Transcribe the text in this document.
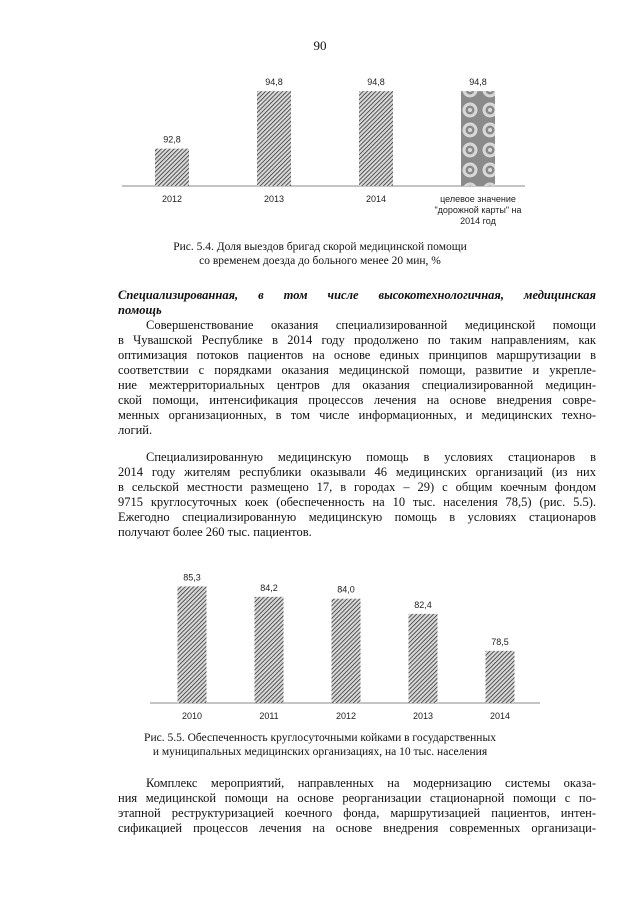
90
92,8
2012
94,8
2013
94,8
2014
94,8
целевое значение
"дорожной карты" на
2014 год
Рис. 5.4. Доля выездов бригад скорой медицинской помощи
со временем доезда до больного менее 20 мин, %
Специализированная, в том числе высокотехнологичная, медицинская
помощь
Совершенствование оказания специализированной медицинской помощи
в Чувашской Республике в 2014 году продолжено по таким направлениям, как
оптимизация потоков пациентов на основе единых принципов маршрутизации в
соответствии с порядками оказания медицинской помощи, развитие и укрепле-
ние межтерриториальных центров для оказания специализированной медицин-
ской помощи, интенсификация процессов лечения на основе внедрения совре-
менных организационных, в том числе информационных, и медицинских техно-
логий.
Специализированную медицинскую помощь в условиях стационаров в
2014 году жителям республики оказывали 46 медицинских организаций (из них
в сельской местности размещено 17, в городах – 29) с общим коечным фондом
9715 круглосуточных коек (обеспеченность на 10 тыс. населения 78,5) (рис. 5.5).
Ежегодно специализированную медицинскую помощь в условиях стационаров
получают более 260 тыс. пациентов.
85,3
2010
84,2
2011
84,0
2012
82,4
2013
78,5
2014
Рис. 5.5. Обеспеченность круглосуточными койками в государственных
и муниципальных медицинских организациях, на 10 тыс. населения
Комплекс мероприятий, направленных на модернизацию системы оказа-
ния медицинской помощи на основе реорганизации стационарной помощи с по-
этапной реструктуризацией коечного фонда, маршрутизацией пациентов, интен-
сификацией процессов лечения на основе внедрения современных организаци-
